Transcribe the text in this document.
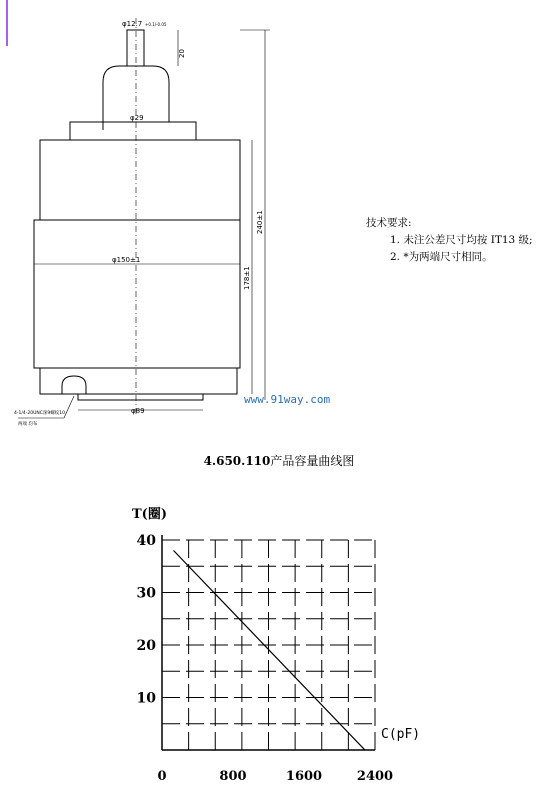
φ12.7 +0.1/-0.05
20
φ29
φ150±1
178±1
240±1
φ89
4-1/4-20UNC深9螺纹10
两端 均布
技术要求:
1. 未注公差尺寸均按 IT13 级;
2. *为两端尺寸相同。
www.91way.com
4.650.110产品容量曲线图
10
20
30
40
0	800	1600	2400
T(圈)
C(pF)
